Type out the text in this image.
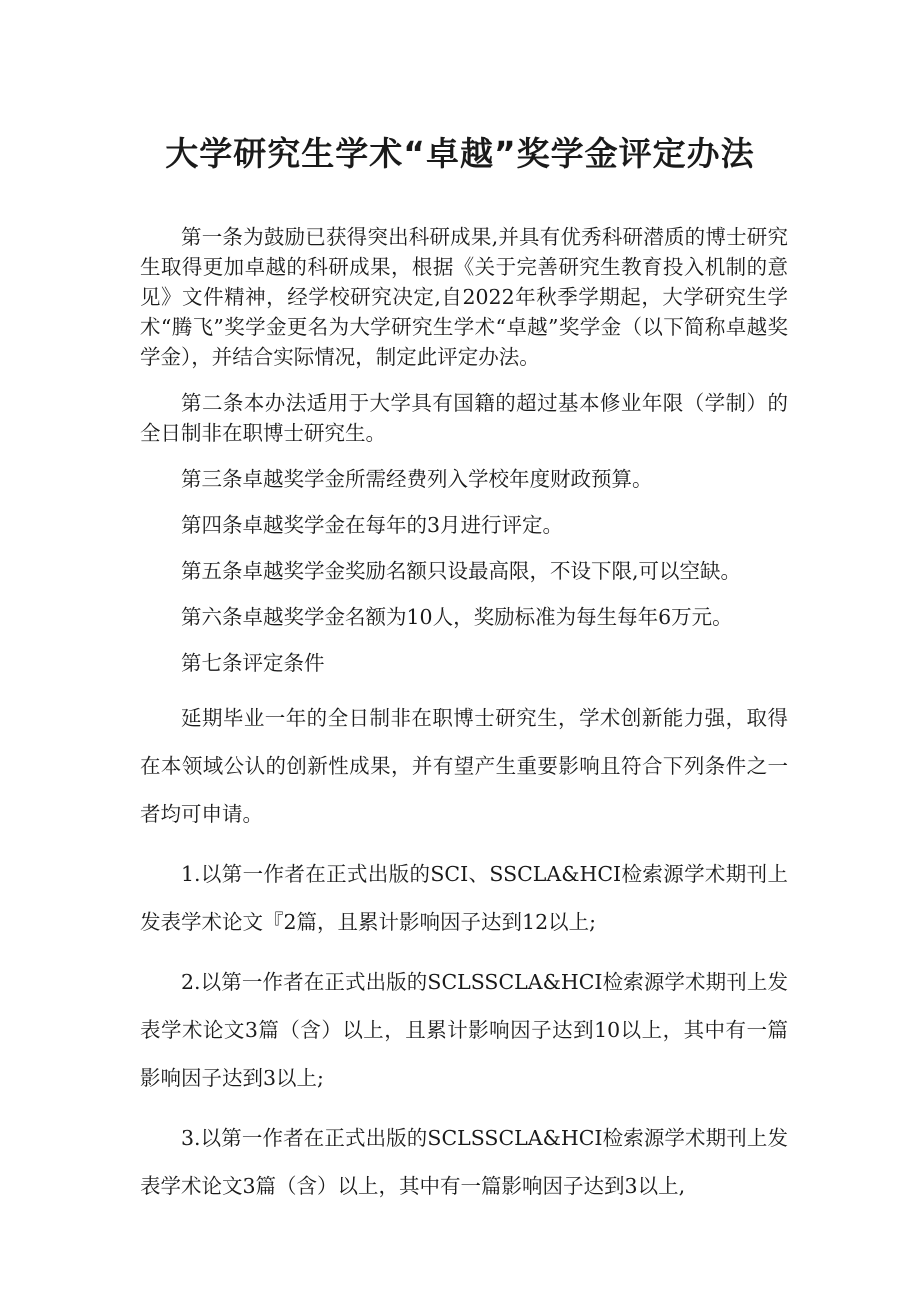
大学研究生学术“卓越”奖学金评定办法

第一条为鼓励已获得突出科研成果,并具有优秀科研潜质的博士研究生取得更加卓越的科研成果，根据《关于完善研究生教育投入机制的意见》文件精神，经学校研究决定,自2022年秋季学期起，大学研究生学术“腾飞”奖学金更名为大学研究生学术“卓越”奖学金（以下简称卓越奖学金），并结合实际情况，制定此评定办法。

第二条本办法适用于大学具有国籍的超过基本修业年限（学制）的全日制非在职博士研究生。

第三条卓越奖学金所需经费列入学校年度财政预算。

第四条卓越奖学金在每年的3月进行评定。

第五条卓越奖学金奖励名额只设最高限，不设下限,可以空缺。

第六条卓越奖学金名额为10人，奖励标准为每生每年6万元。

第七条评定条件

延期毕业一年的全日制非在职博士研究生，学术创新能力强，取得在本领域公认的创新性成果，并有望产生重要影响且符合下列条件之一者均可申请。

1.以第一作者在正式出版的SCI、SSCLA&HCI检索源学术期刊上发表学术论文『2篇，且累计影响因子达到12以上;

2.以第一作者在正式出版的SCLSSCLA&HCI检索源学术期刊上发表学术论文3篇（含）以上，且累计影响因子达到10以上，其中有一篇影响因子达到3以上;

3.以第一作者在正式出版的SCLSSCLA&HCI检索源学术期刊上发表学术论文3篇（含）以上，其中有一篇影响因子达到3以上,
